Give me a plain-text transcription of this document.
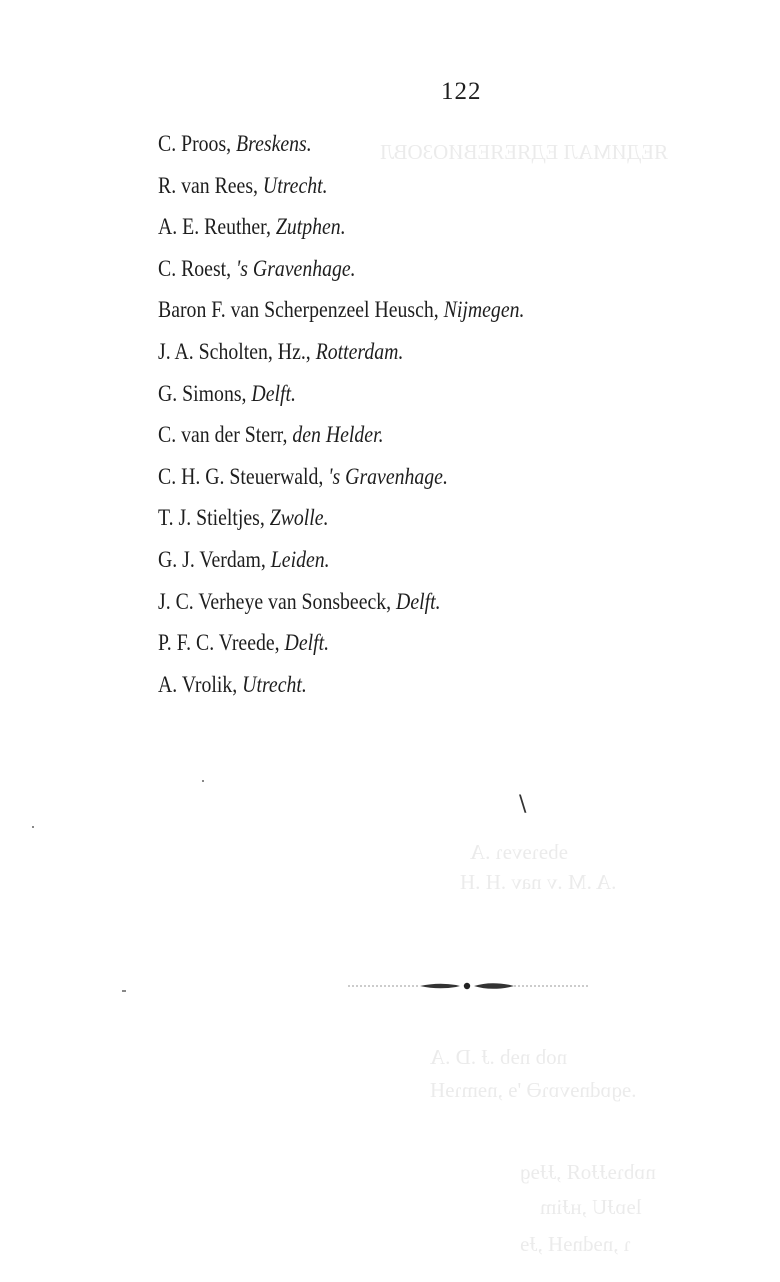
122
C. Proos, Breskens.
R. van Rees, Utrecht.
A. E. Reuther, Zutphen.
C. Roest, 's Gravenhage.
Baron F. van Scherpenzeel Heusch, Nijmegen.
J. A. Scholten, Hz., Rotterdam.
G. Simons, Delft.
C. van der Sterr, den Helder.
C. H. G. Steuerwald, 's Gravenhage.
T. J. Stieltjes, Zwolle.
G. J. Verdam, Leiden.
J. C. Verheye van Sonsbeeck, Delft.
P. F. C. Vreede, Delft.
A. Vrolik, Utrecht.
\
ЯЕДИМАЛ ЕДЯЕЯЕВИОЗОВЛ
ɘbɘɿɘvɘɿ .A
.A .M .v nav .H .H
nob nɘb .Ɉ .D .A
.ɘɡɒdnɘvɒɿӘ 'ɘ ,nɘmɿɘH
nɒbɿɘɈɈoЯ ,ɈɈɘɡ
lɘɒɈU ,ʜɈim
ɿ ,nɘdnɘH ,Ɉɘ
